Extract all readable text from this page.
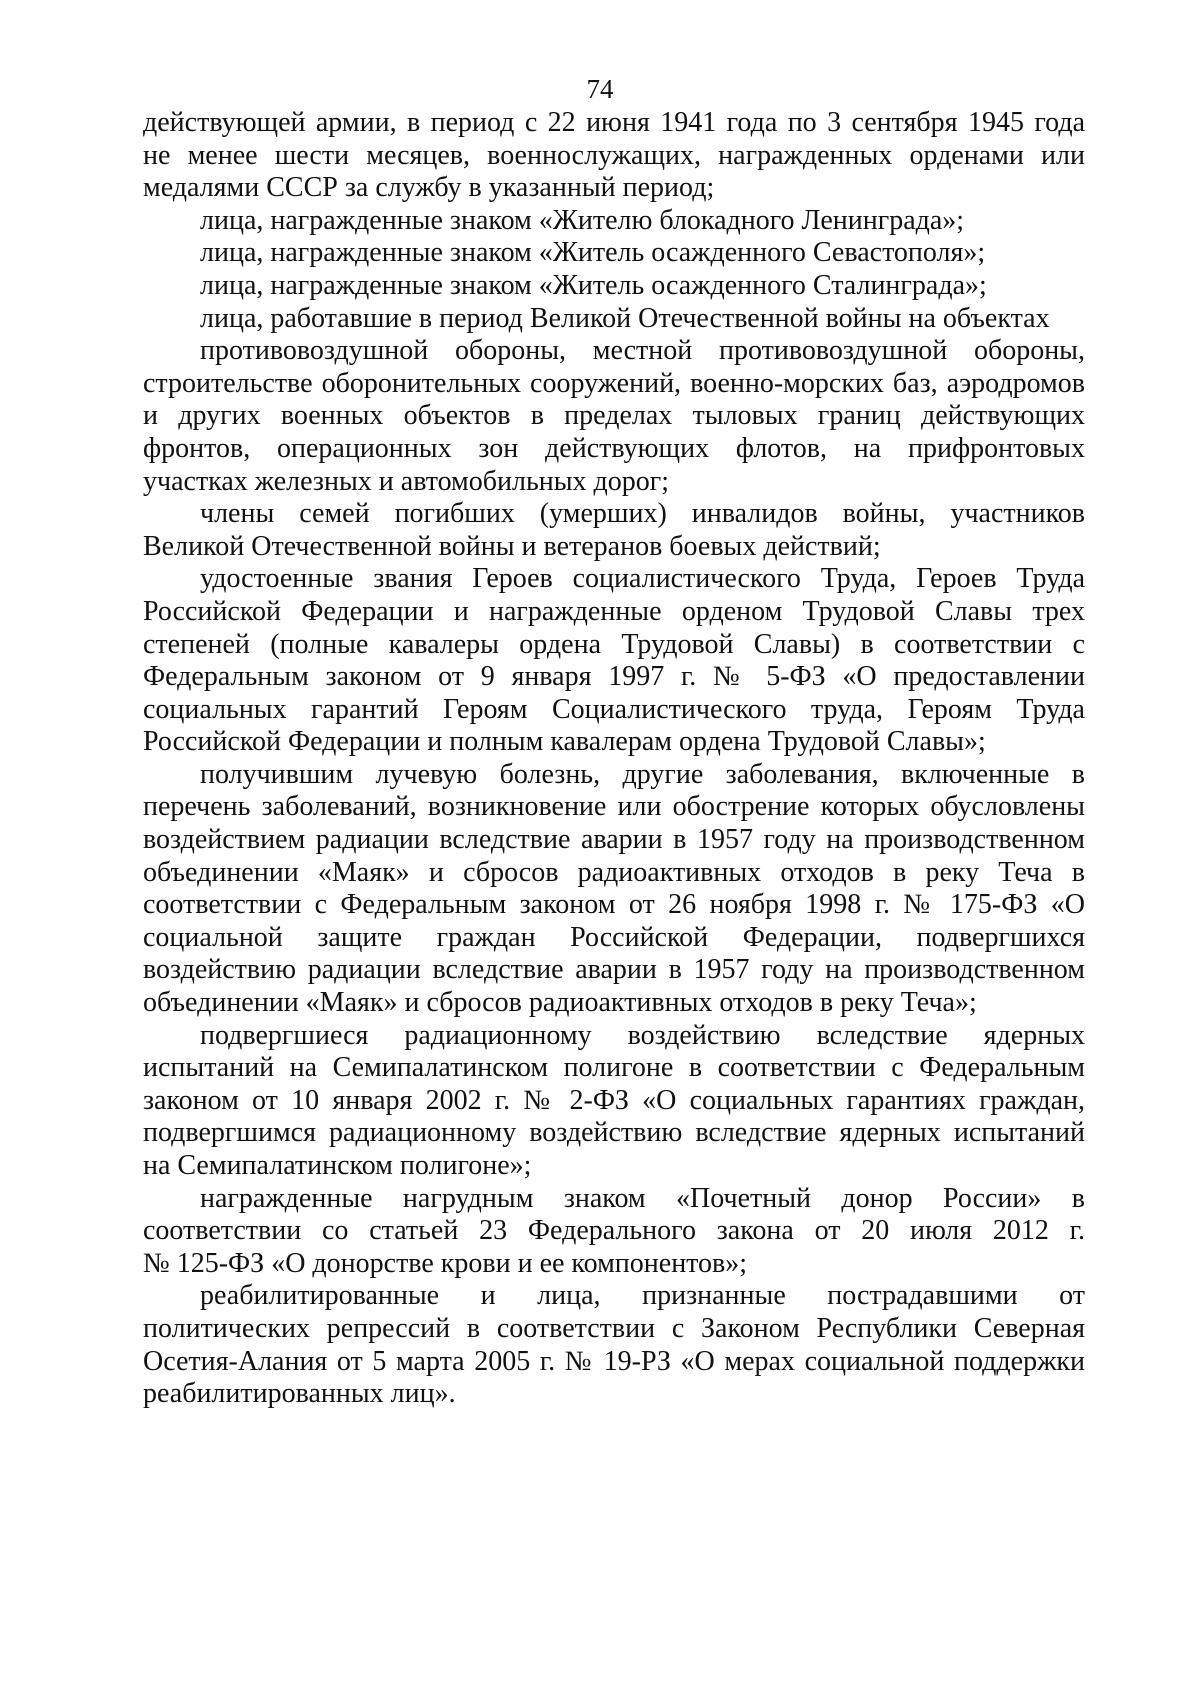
74
действующей армии, в период с 22 июня 1941 года по 3 сентября 1945 года
не менее шести месяцев, военнослужащих, награжденных орденами или
медалями СССР за службу в указанный период;
лица, награжденные знаком «Жителю блокадного Ленинграда»;
лица, награжденные знаком «Житель осажденного Севастополя»;
лица, награжденные знаком «Житель осажденного Сталинграда»;
лица, работавшие в период Великой Отечественной войны на объектах
противовоздушной обороны, местной противовоздушной обороны,
строительстве оборонительных сооружений, военно-морских баз, аэродромов
и других военных объектов в пределах тыловых границ действующих
фронтов, операционных зон действующих флотов, на прифронтовых
участках железных и автомобильных дорог;
члены семей погибших (умерших) инвалидов войны, участников
Великой Отечественной войны и ветеранов боевых действий;
удостоенные звания Героев социалистического Труда, Героев Труда
Российской Федерации и награжденные орденом Трудовой Славы трех
степеней (полные кавалеры ордена Трудовой Славы) в соответствии с
Федеральным законом от 9 января 1997 г. № 5-ФЗ «О предоставлении
социальных гарантий Героям Социалистического труда, Героям Труда
Российской Федерации и полным кавалерам ордена Трудовой Славы»;
получившим лучевую болезнь, другие заболевания, включенные в
перечень заболеваний, возникновение или обострение которых обусловлены
воздействием радиации вследствие аварии в 1957 году на производственном
объединении «Маяк» и сбросов радиоактивных отходов в реку Теча в
соответствии с Федеральным законом от 26 ноября 1998 г. № 175-ФЗ «О
социальной защите граждан Российской Федерации, подвергшихся
воздействию радиации вследствие аварии в 1957 году на производственном
объединении «Маяк» и сбросов радиоактивных отходов в реку Теча»;
подвергшиеся радиационному воздействию вследствие ядерных
испытаний на Семипалатинском полигоне в соответствии с Федеральным
законом от 10 января 2002 г. № 2-ФЗ «О социальных гарантиях граждан,
подвергшимся радиационному воздействию вследствие ядерных испытаний
на Семипалатинском полигоне»;
награжденные нагрудным знаком «Почетный донор России» в
соответствии со статьей 23 Федерального закона от 20 июля 2012 г.
№ 125-ФЗ «О донорстве крови и ее компонентов»;
реабилитированные и лица, признанные пострадавшими от
политических репрессий в соответствии с Законом Республики Северная
Осетия-Алания от 5 марта 2005 г. № 19-РЗ «О мерах социальной поддержки
реабилитированных лиц».
